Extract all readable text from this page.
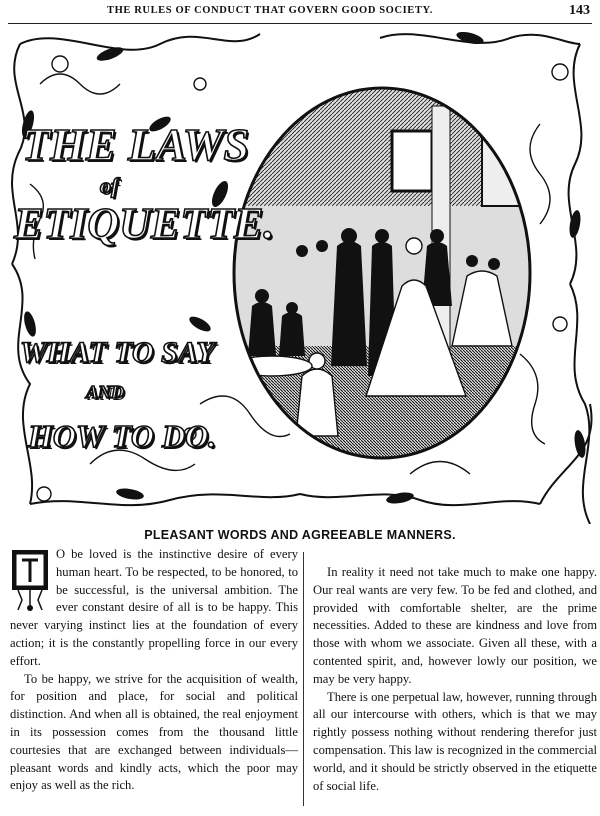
THE RULES OF CONDUCT THAT GOVERN GOOD SOCIETY.	143
THE LAWS
of
ETIQUETTE.
WHAT TO SAY
AND
HOW TO DO.
PLEASANT WORDS AND AGREEABLE MANNERS.

O be loved is the instinctive desire of every human heart. To be respected, to be honored, to be successful, is the universal ambition. The ever constant desire of all is to be happy. This never varying instinct lies at the foundation of every action; it is the constantly propelling force in our every effort.

To be happy, we strive for the acquisition of wealth, for position and place, for social and political distinction. And when all is obtained, the real enjoyment in its possession comes from the thousand little courtesies that are exchanged between individuals—pleasant words and kindly acts, which the poor may enjoy as well as the rich.

In reality it need not take much to make one happy. Our real wants are very few. To be fed and clothed, and provided with comfortable shelter, are the prime necessities. Added to these are kindness and love from those with whom we associate. Given all these, with a contented spirit, and, however lowly our position, we may be very happy.

There is one perpetual law, however, running through all our intercourse with others, which is that we may rightly possess nothing without rendering therefor just compensation. This law is recognized in the commercial world, and it should be strictly observed in the etiquette of social life.
